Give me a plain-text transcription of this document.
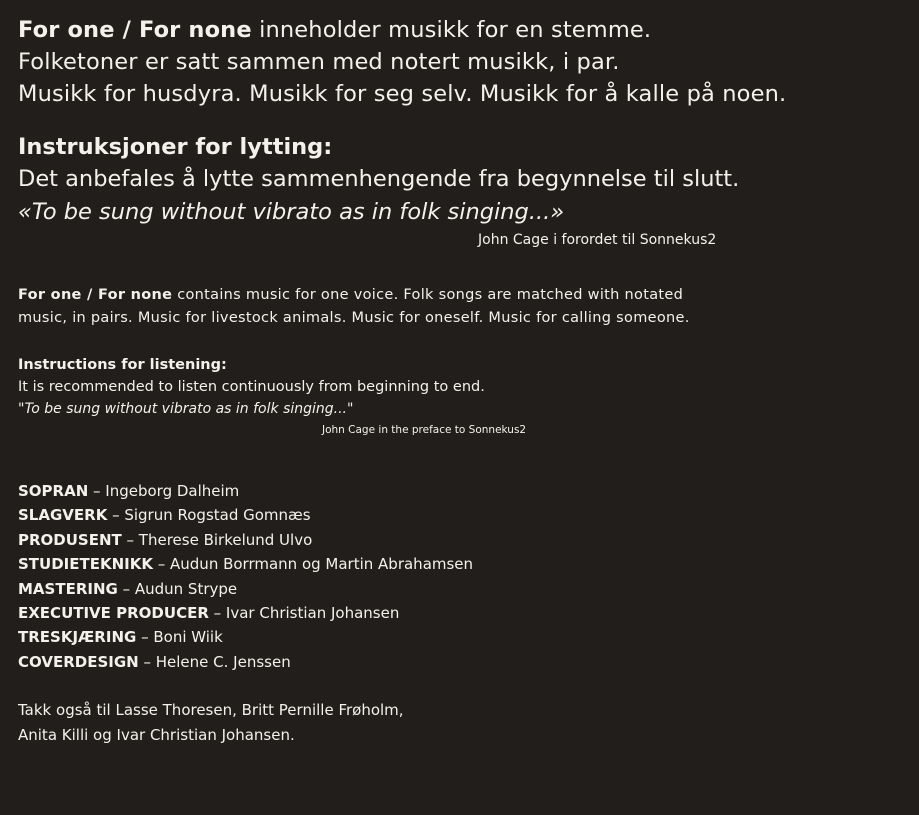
For one / For none inneholder musikk for en stemme.
Folketoner er satt sammen med notert musikk, i par.
Musikk for husdyra. Musikk for seg selv. Musikk for å kalle på noen.
Instruksjoner for lytting:
Det anbefales å lytte sammenhengende fra begynnelse til slutt.
«To be sung without vibrato as in folk singing...»
John Cage i forordet til Sonnekus2
For one / For none contains music for one voice. Folk songs are matched with notated
music, in pairs. Music for livestock animals. Music for oneself. Music for calling someone.
Instructions for listening:
It is recommended to listen continuously from beginning to end.
"To be sung without vibrato as in folk singing..."
John Cage in the preface to Sonnekus2
SOPRAN – Ingeborg Dalheim
SLAGVERK – Sigrun Rogstad Gomnæs
PRODUSENT – Therese Birkelund Ulvo
STUDIETEKNIKK – Audun Borrmann og Martin Abrahamsen
MASTERING – Audun Strype
EXECUTIVE PRODUCER – Ivar Christian Johansen
TRESKJÆRING – Boni Wiik
COVERDESIGN – Helene C. Jenssen
Takk også til Lasse Thoresen, Britt Pernille Frøholm,
Anita Killi og Ivar Christian Johansen.
